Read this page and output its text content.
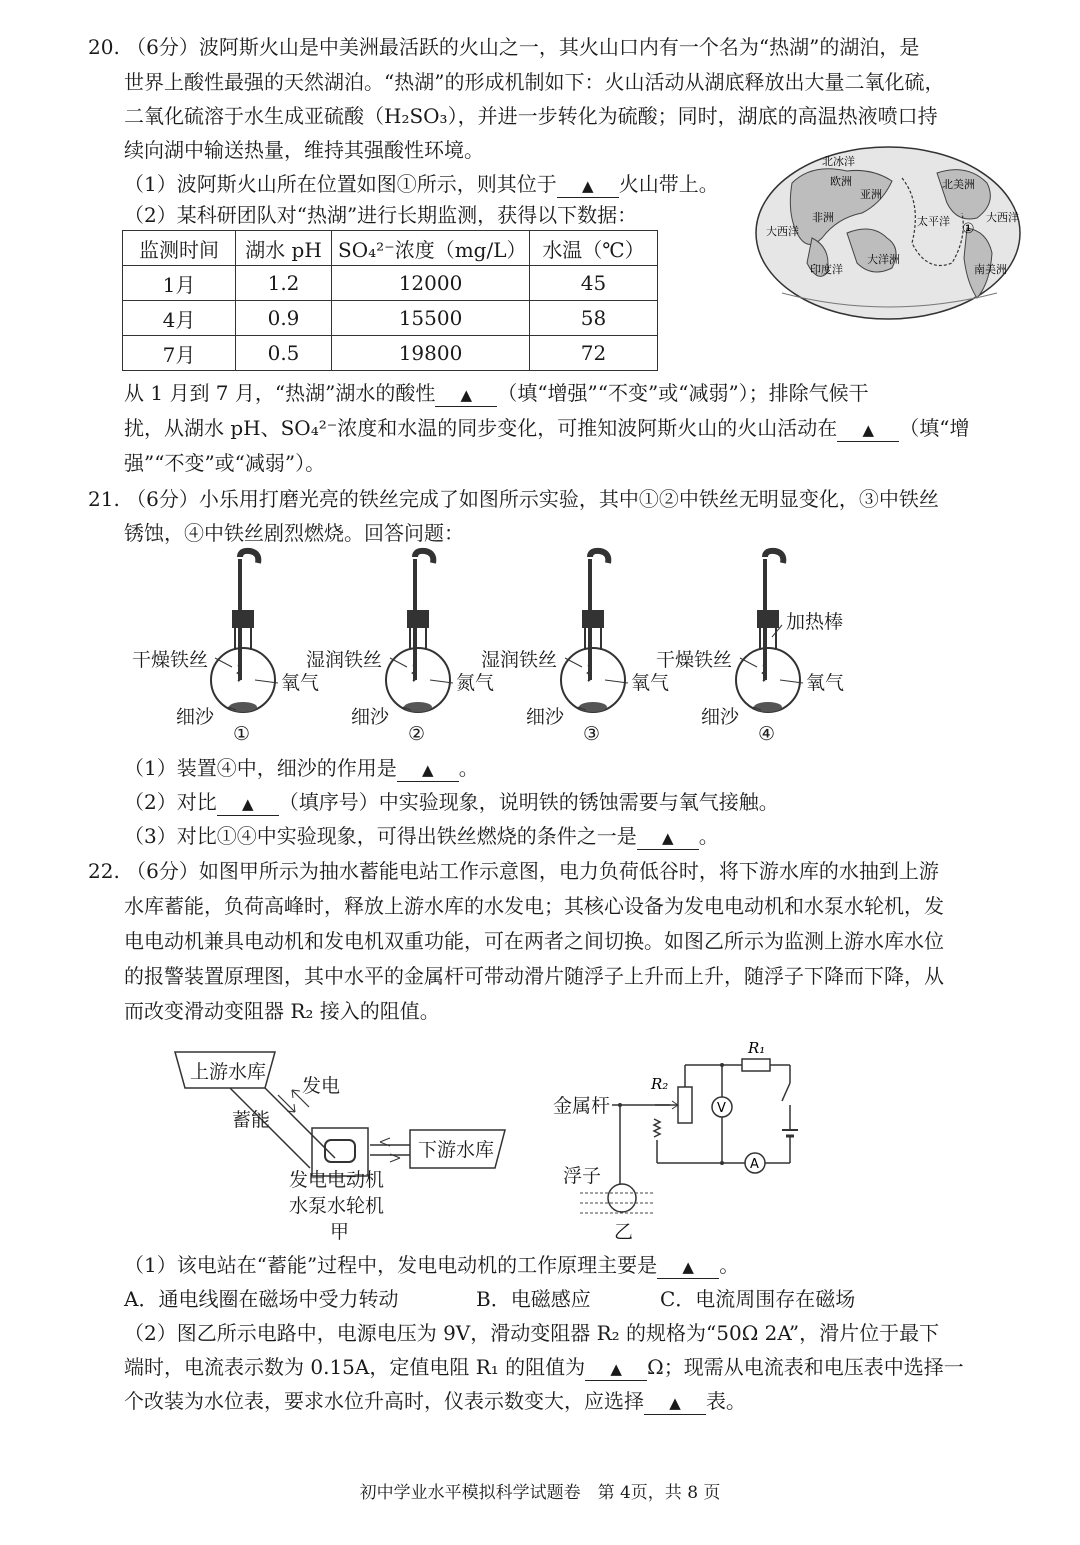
20. （6分）波阿斯火山是中美洲最活跃的火山之一，其火山口内有一个名为“热湖”的湖泊，是
世界上酸性最强的天然湖泊。“热湖”的形成机制如下：火山活动从湖底释放出大量二氧化硫，
二氧化硫溶于水生成亚硫酸（H₂SO₃），并进一步转化为硫酸；同时，湖底的高温热液喷口持
续向湖中输送热量，维持其强酸性环境。
（1）波阿斯火山所在位置如图①所示，则其位于 ▲ 火山带上。
（2）某科研团队对“热湖”进行长期监测，获得以下数据：
监测时间	湖水 pH	SO₄²⁻浓度（mg/L）	水温（℃）
1月	1.2	12000	45
4月	0.9	15500	58
7月	0.5	19800	72
北冰洋
欧洲
亚洲
北美洲
非洲	大西洋
太平洋
印度洋
大洋洲
南美洲
大西洋	①
从 1 月到 7 月，“热湖”湖水的酸性 ▲ （填“增强”“不变”或“减弱”）；排除气候干
扰，从湖水 pH、SO₄²⁻浓度和水温的同步变化，可推知波阿斯火山的火山活动在 ▲ （填“增
强”“不变”或“减弱”）。
21. （6分）小乐用打磨光亮的铁丝完成了如图所示实验，其中①②中铁丝无明显变化，③中铁丝
锈蚀，④中铁丝剧烈燃烧。回答问题：
干燥铁丝
氧气
细沙
①
湿润铁丝
氮气
细沙
②
湿润铁丝
氧气
细沙
③
干燥铁丝
氧气
细沙
④
加热棒
（1）装置④中，细沙的作用是 ▲ 。
（2）对比 ▲ （填序号）中实验现象，说明铁的锈蚀需要与氧气接触。
（3）对比①④中实验现象，可得出铁丝燃烧的条件之一是 ▲ 。
22. （6分）如图甲所示为抽水蓄能电站工作示意图，电力负荷低谷时，将下游水库的水抽到上游
水库蓄能，负荷高峰时，释放上游水库的水发电；其核心设备为发电电动机和水泵水轮机，发
电电动机兼具电动机和发电机双重功能，可在两者之间切换。如图乙所示为监测上游水库水位
的报警装置原理图，其中水平的金属杆可带动滑片随浮子上升而上升，随浮子下降而下降，从
而改变滑动变阻器 R₂ 接入的阻值。
上游水库
发电
蓄能
下游水库
发电电动机
水泵水轮机
甲
R₁
R₂
V
A
金属杆
浮子
乙
（1）该电站在“蓄能”过程中，发电电动机的工作原理主要是 ▲ 。
A．通电线圈在磁场中受力转动	B．电磁感应	C．电流周围存在磁场
（2）图乙所示电路中，电源电压为 9V，滑动变阻器 R₂ 的规格为“50Ω 2A”，滑片位于最下
端时，电流表示数为 0.15A，定值电阻 R₁ 的阻值为 ▲ Ω；现需从电流表和电压表中选择一
个改装为水位表，要求水位升高时，仪表示数变大，应选择 ▲ 表。
初中学业水平模拟科学试题卷　第 4页，共 8 页
